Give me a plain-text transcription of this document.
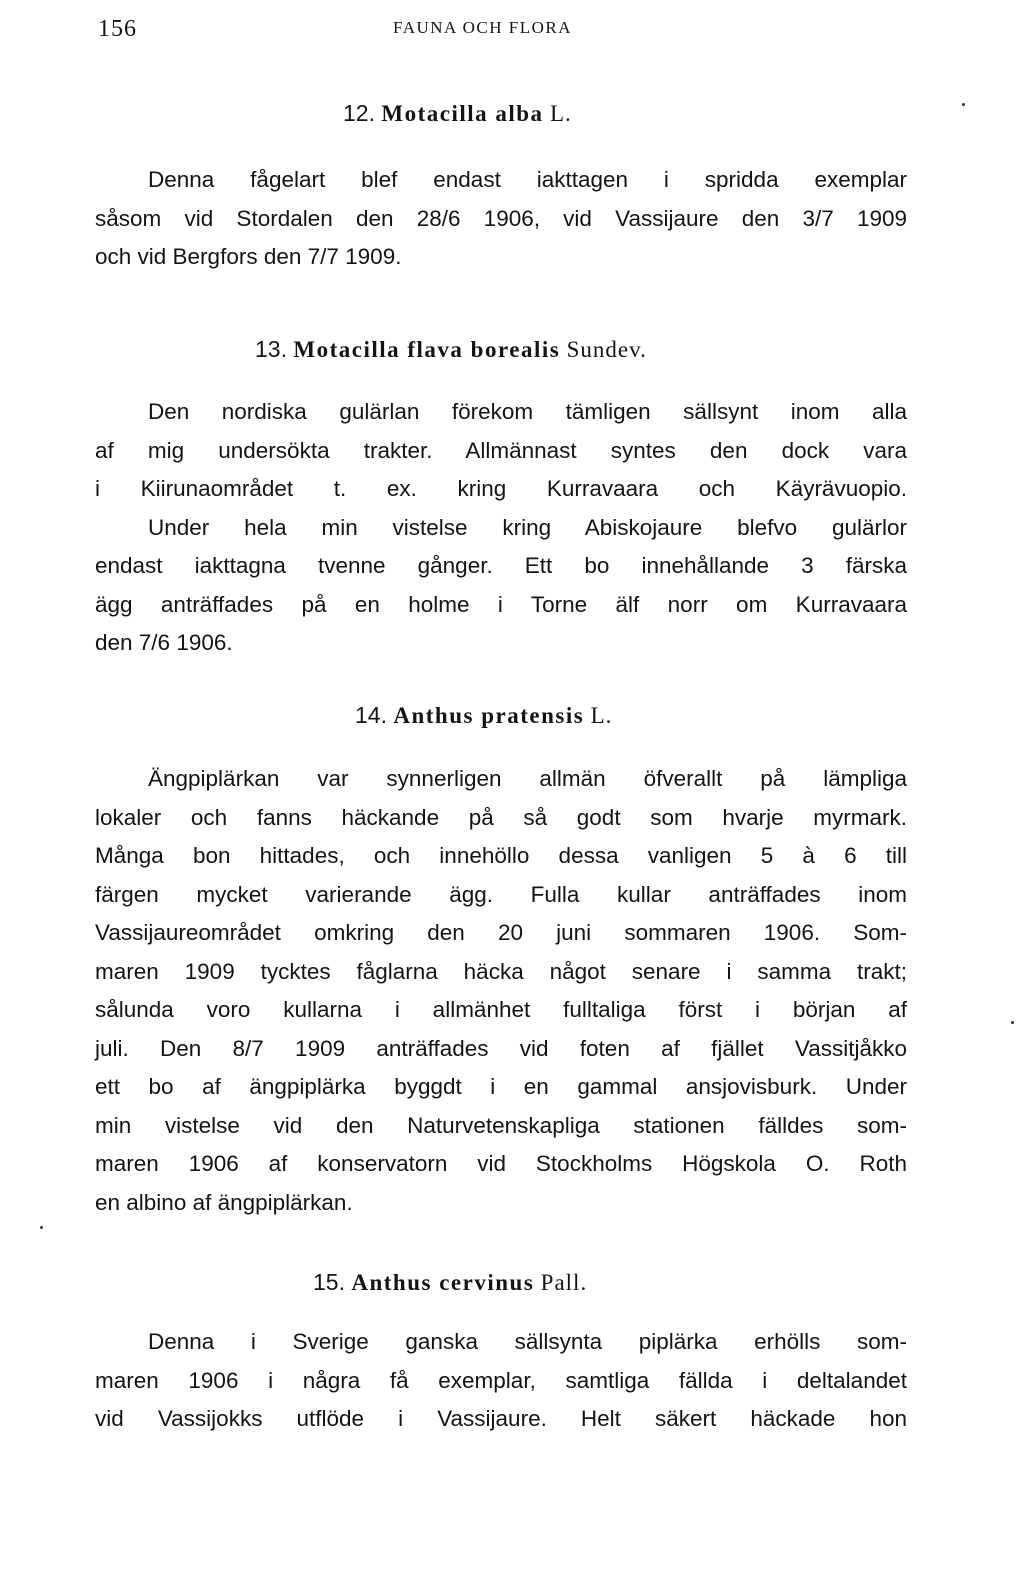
156	FAUNA OCH FLORA
12. Motacilla alba L.
Denna fågelart blef endast iakttagen i spridda exemplar
såsom vid Stordalen den 28/6 1906, vid Vassijaure den 3/7 1909
och vid Bergfors den 7/7 1909.
13. Motacilla flava borealis Sundev.
Den nordiska gulärlan förekom tämligen sällsynt inom alla
af mig undersökta trakter. Allmännast syntes den dock vara
i Kiirunaområdet t. ex. kring Kurravaara och Käyrävuopio.
Under hela min vistelse kring Abiskojaure blefvo gulärlor
endast iakttagna tvenne gånger. Ett bo innehållande 3 färska
ägg anträffades på en holme i Torne älf norr om Kurravaara
den 7/6 1906.
14. Anthus pratensis L.
Ängpiplärkan var synnerligen allmän öfverallt på lämpliga
lokaler och fanns häckande på så godt som hvarje myrmark.
Många bon hittades, och innehöllo dessa vanligen 5 à 6 till
färgen mycket varierande ägg. Fulla kullar anträffades inom
Vassijaureområdet omkring den 20 juni sommaren 1906. Som-
maren 1909 tycktes fåglarna häcka något senare i samma trakt;
sålunda voro kullarna i allmänhet fulltaliga först i början af
juli. Den 8/7 1909 anträffades vid foten af fjället Vassitjåkko
ett bo af ängpiplärka byggdt i en gammal ansjovisburk. Under
min vistelse vid den Naturvetenskapliga stationen fälldes som-
maren 1906 af konservatorn vid Stockholms Högskola O. Roth
en albino af ängpiplärkan.
15. Anthus cervinus Pall.
Denna i Sverige ganska sällsynta piplärka erhölls som-
maren 1906 i några få exemplar, samtliga fällda i deltalandet
vid Vassijokks utflöde i Vassijaure. Helt säkert häckade hon
